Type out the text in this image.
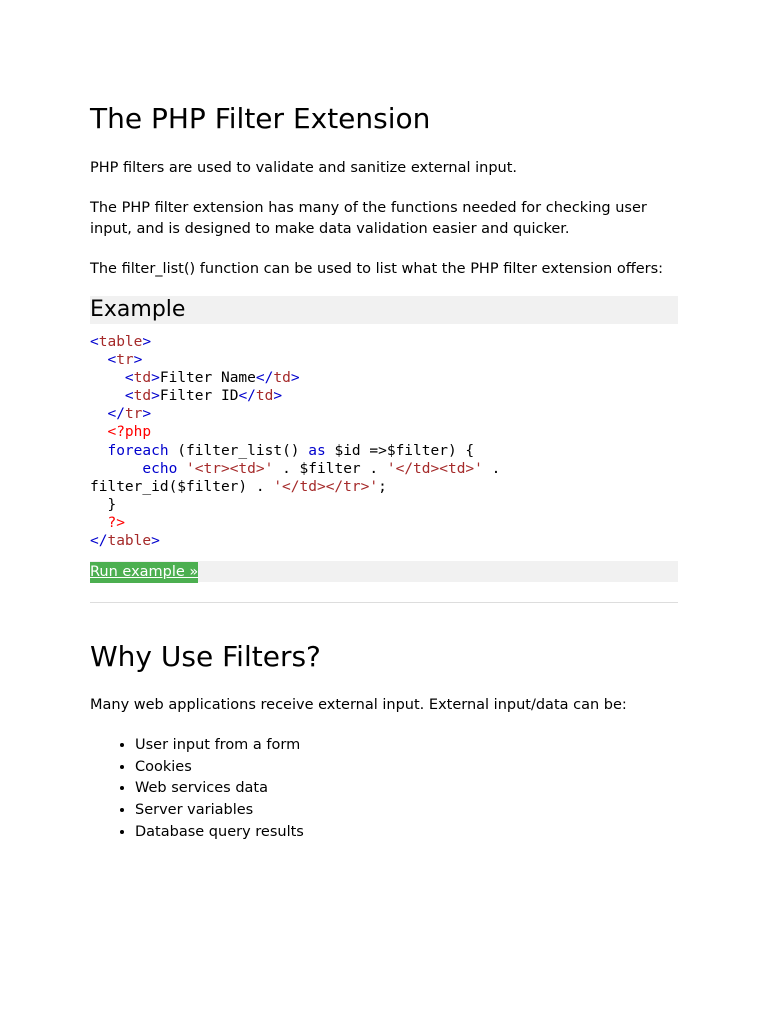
The PHP Filter Extension

PHP filters are used to validate and sanitize external input.

The PHP filter extension has many of the functions needed for checking user input, and is designed to make data validation easier and quicker.

The filter_list() function can be used to list what the PHP filter extension offers:

Example
<table>
<tr>
<td>Filter Name</td>
<td>Filter ID</td>
</tr>
<?php
foreach (filter_list() as $id =>$filter) {
echo '<tr><td>' . $filter . '</td><td>' .
filter_id($filter) . '</td></tr>';
}
?>
</table>
Run example »
Why Use Filters?

Many web applications receive external input. External input/data can be:

• User input from a form
• Cookies
• Web services data
• Server variables
• Database query results
